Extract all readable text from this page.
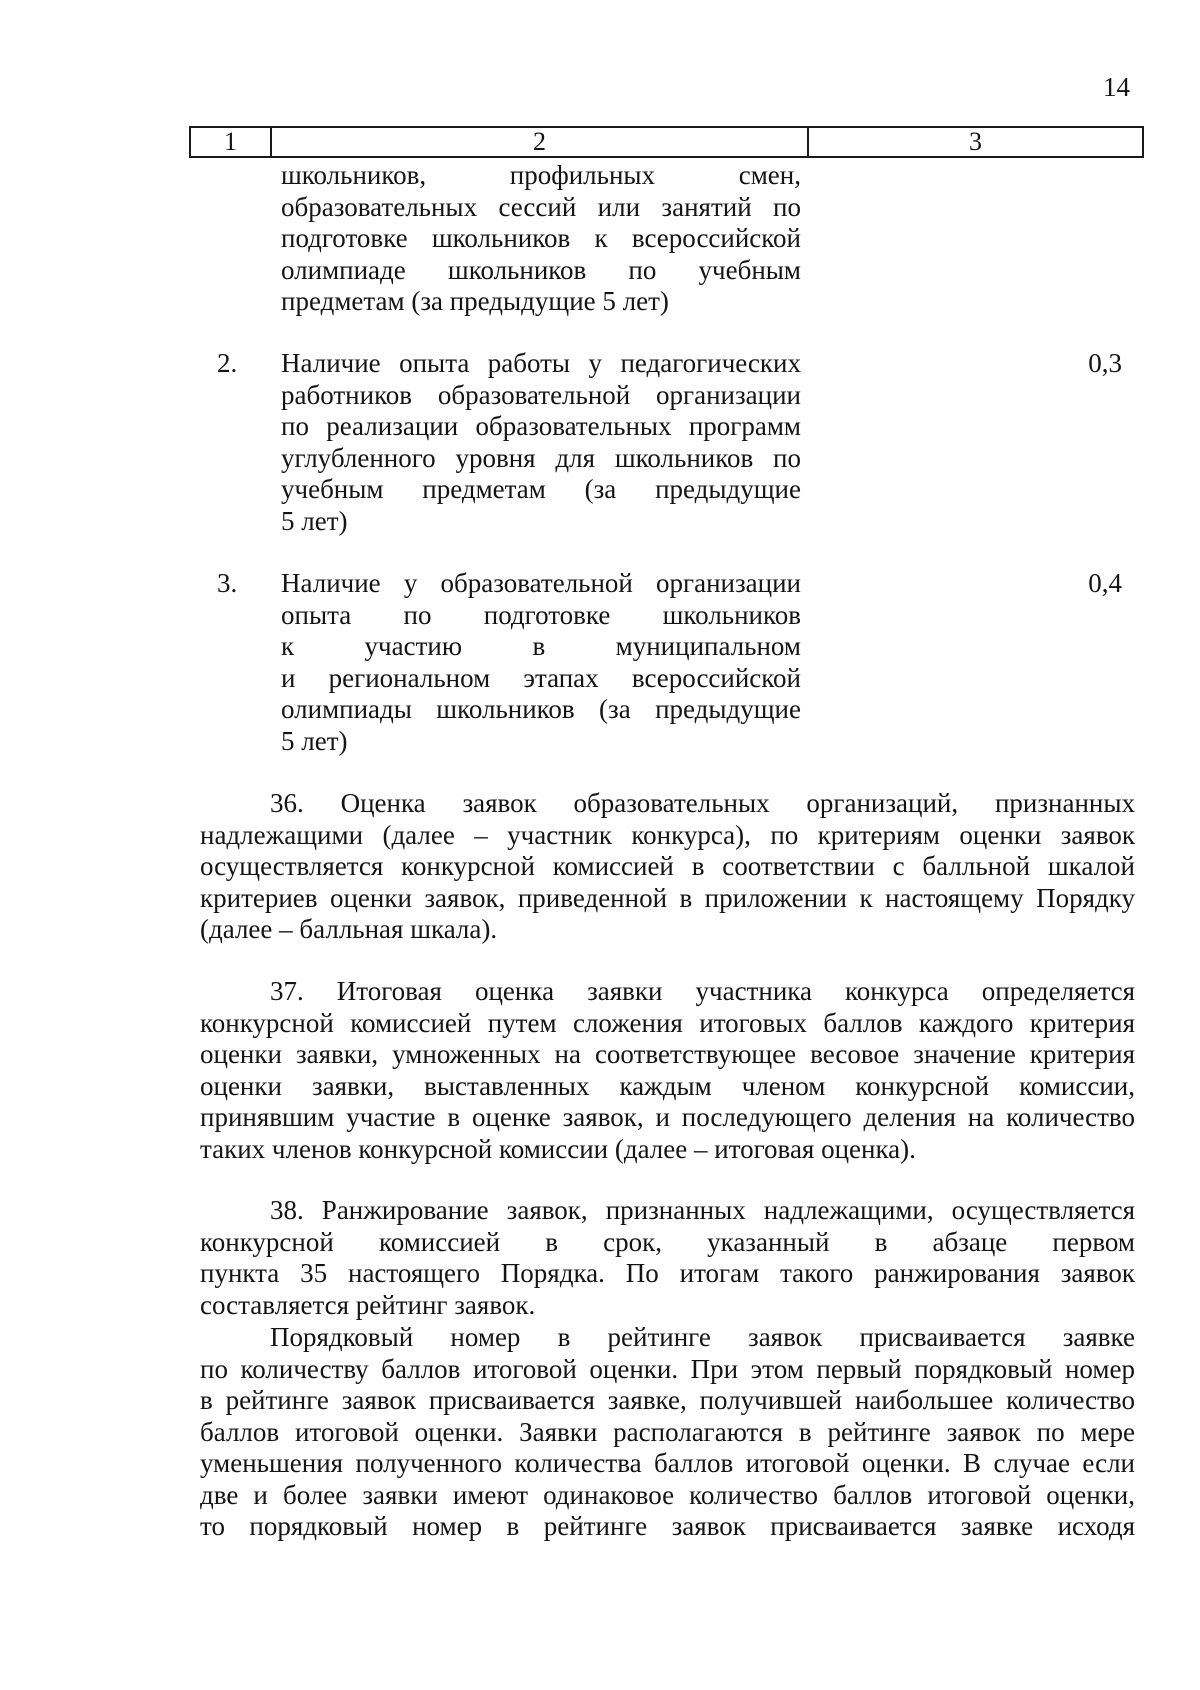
14
1	2	3
школьников, профильных смен,
образовательных сессий или занятий по
подготовке школьников к всероссийской
олимпиаде школьников по учебным
предметам (за предыдущие 5 лет)
2. Наличие опыта работы у педагогических
работников образовательной организации
по реализации образовательных программ
углубленного уровня для школьников по
учебным предметам (за предыдущие
5 лет)
0,3
3. Наличие у образовательной организации
опыта по подготовке школьников
к участию в муниципальном
и региональном этапах всероссийской
олимпиады школьников (за предыдущие
5 лет)
0,4
36. Оценка заявок образовательных организаций, признанных
надлежащими (далее – участник конкурса), по критериям оценки заявок
осуществляется конкурсной комиссией в соответствии с балльной шкалой
критериев оценки заявок, приведенной в приложении к настоящему Порядку
(далее – балльная шкала).
37. Итоговая оценка заявки участника конкурса определяется
конкурсной комиссией путем сложения итоговых баллов каждого критерия
оценки заявки, умноженных на соответствующее весовое значение критерия
оценки заявки, выставленных каждым членом конкурсной комиссии,
принявшим участие в оценке заявок, и последующего деления на количество
таких членов конкурсной комиссии (далее – итоговая оценка).
38. Ранжирование заявок, признанных надлежащими, осуществляется
конкурсной комиссией в срок, указанный в абзаце первом
пункта 35 настоящего Порядка. По итогам такого ранжирования заявок
составляется рейтинг заявок.
Порядковый номер в рейтинге заявок присваивается заявке
по количеству баллов итоговой оценки. При этом первый порядковый номер
в рейтинге заявок присваивается заявке, получившей наибольшее количество
баллов итоговой оценки. Заявки располагаются в рейтинге заявок по мере
уменьшения полученного количества баллов итоговой оценки. В случае если
две и более заявки имеют одинаковое количество баллов итоговой оценки,
то порядковый номер в рейтинге заявок присваивается заявке исходя
